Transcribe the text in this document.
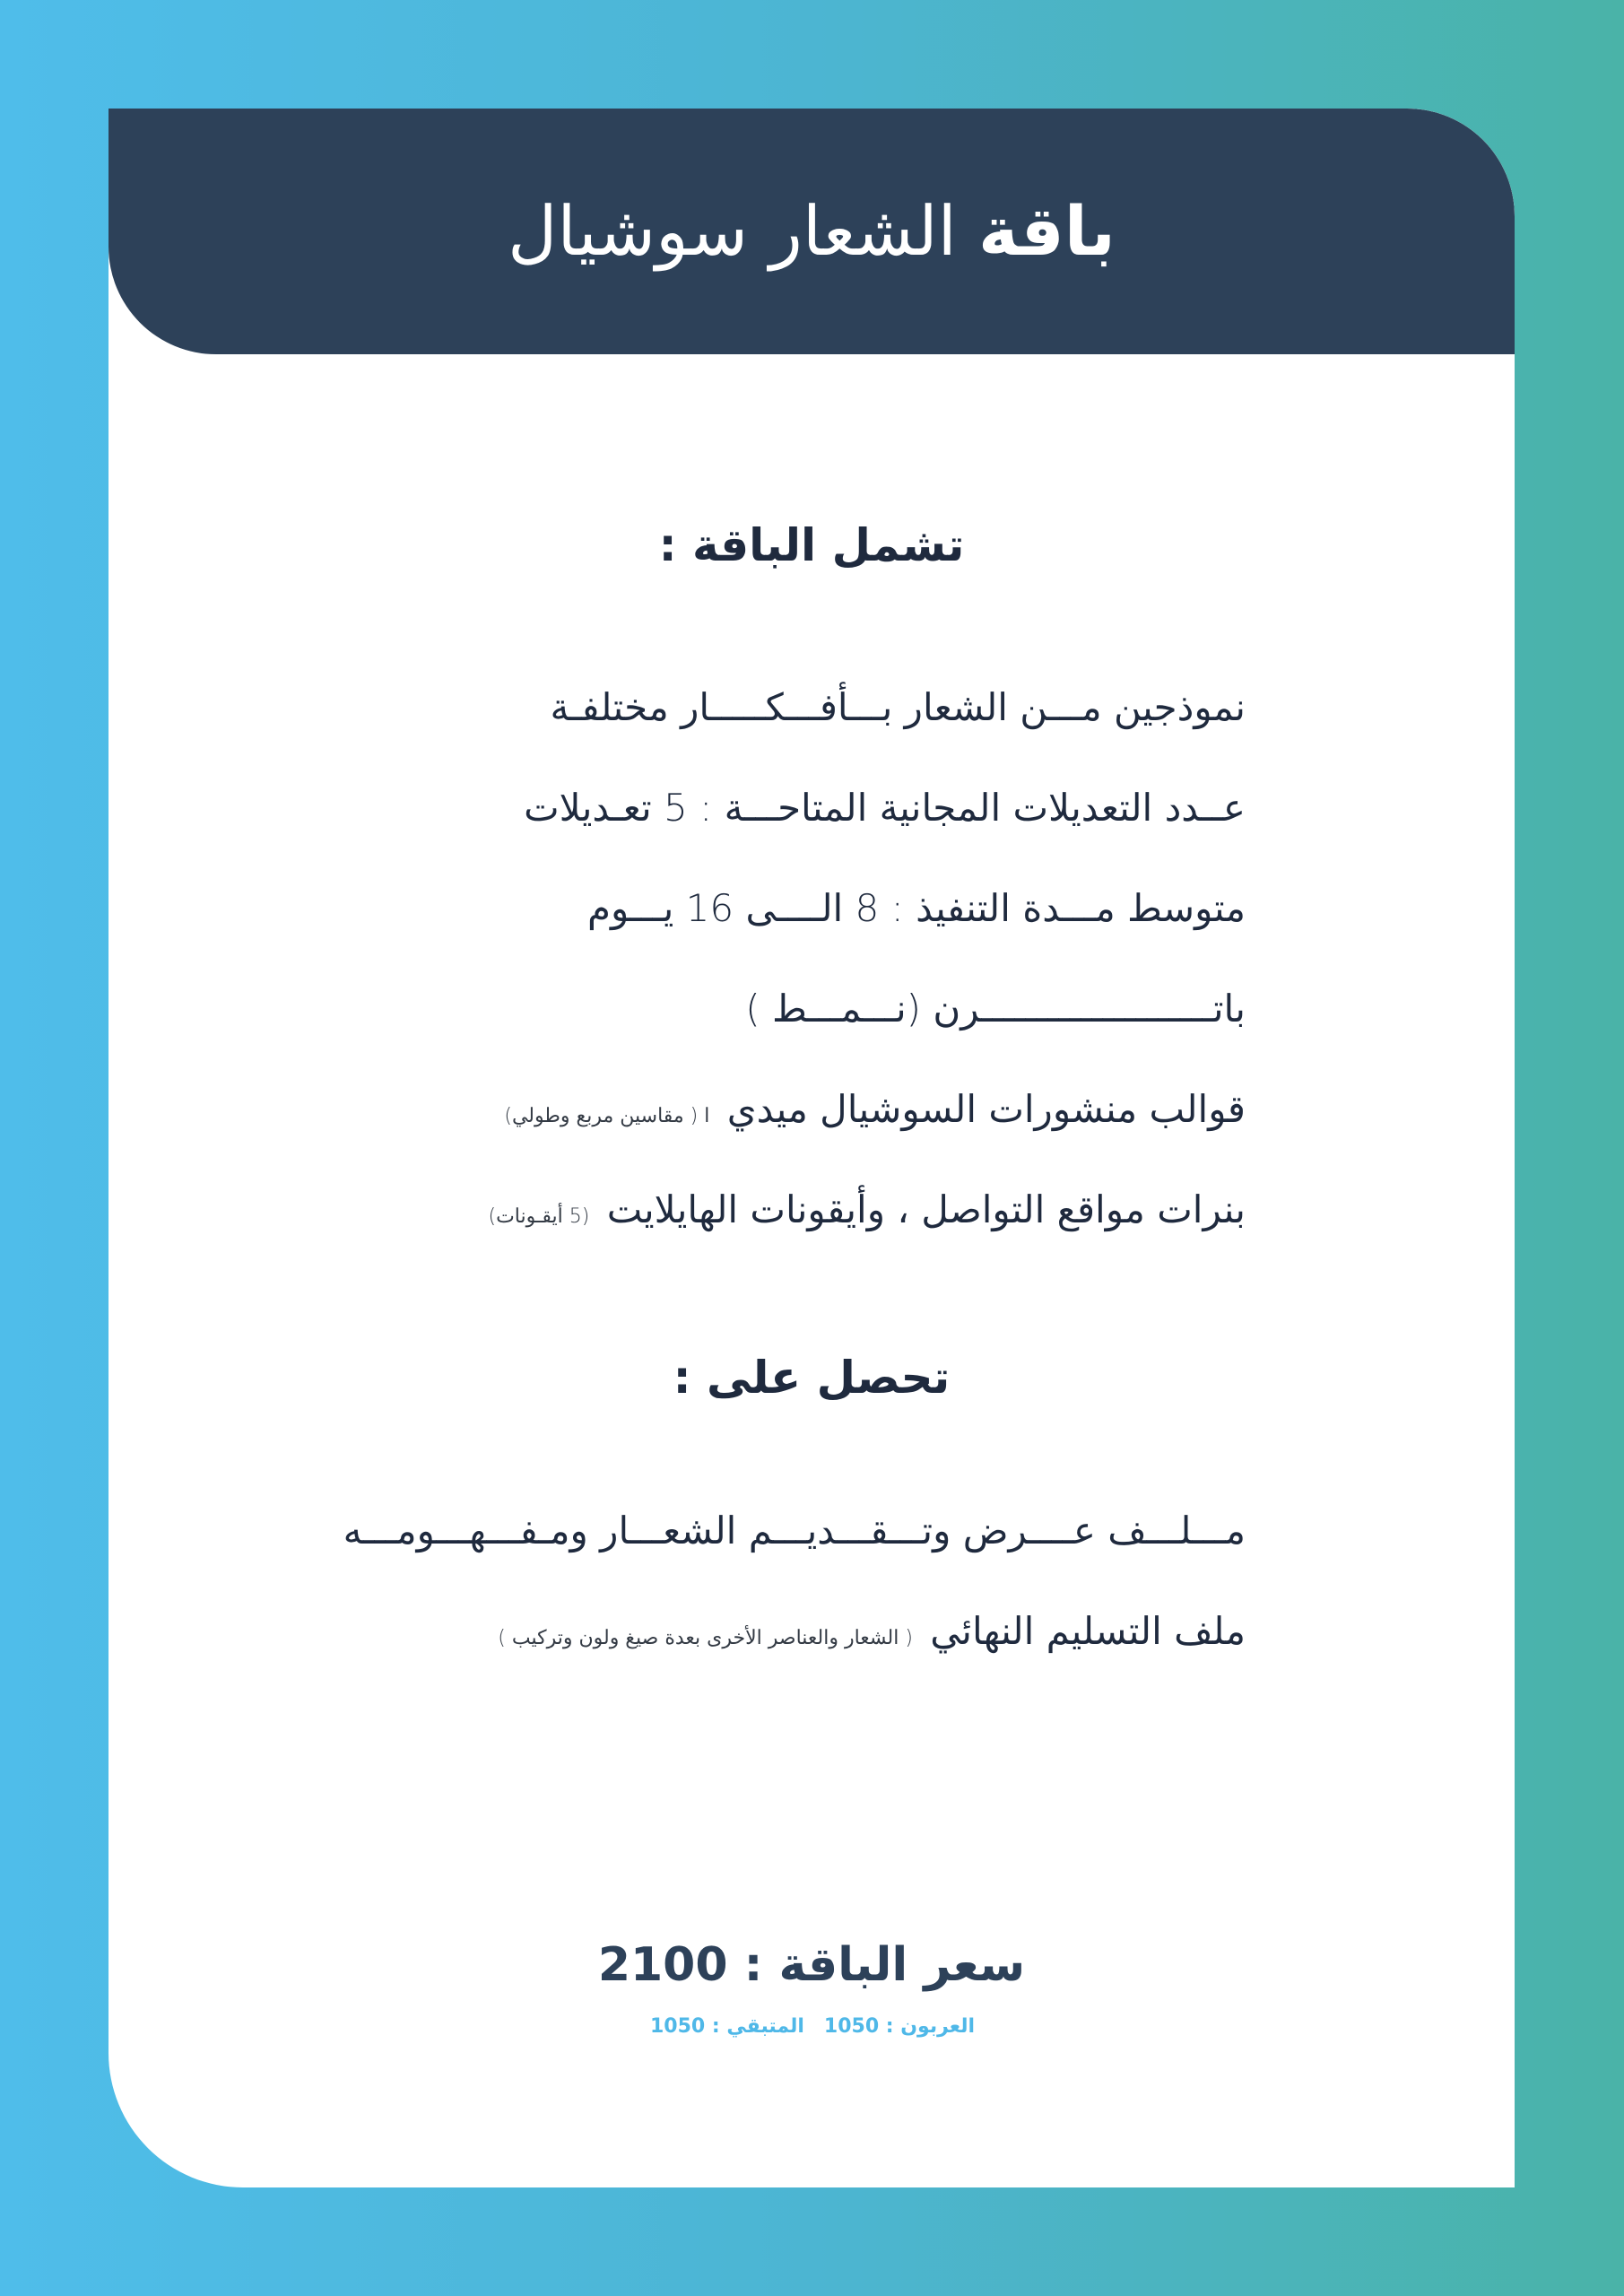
باقة الشعار سوشيال
تشمل الباقة :
نموذجين مـــن الشعار بـــأفـــكـــــار مختلفـة
عــدد التعديلات المجانية المتاحـــة : 5 تعـديلات
متوسط مـــدة التنفيذ : 8 الــــى 16 يـــوم
باتـــــــــــــــــــــرن (نـــمـــط )
قوالب منشورات السوشيال ميدي ا ( مقاسين مربع وطولي)
بنرات مواقع التواصل ، وأيقونات الهايلايت (5 أيقـونات)
تحصل على :
مـــلـــف عــــرض وتـــقـــديـــم الشعـــار ومـفـــهـــومـــه
ملف التسليم النهائي ( الشعار والعناصر الأخرى بعدة صيغ ولون وتركيب )
سعر الباقة : 2100
العربون : 1050
المتبقي : 1050
